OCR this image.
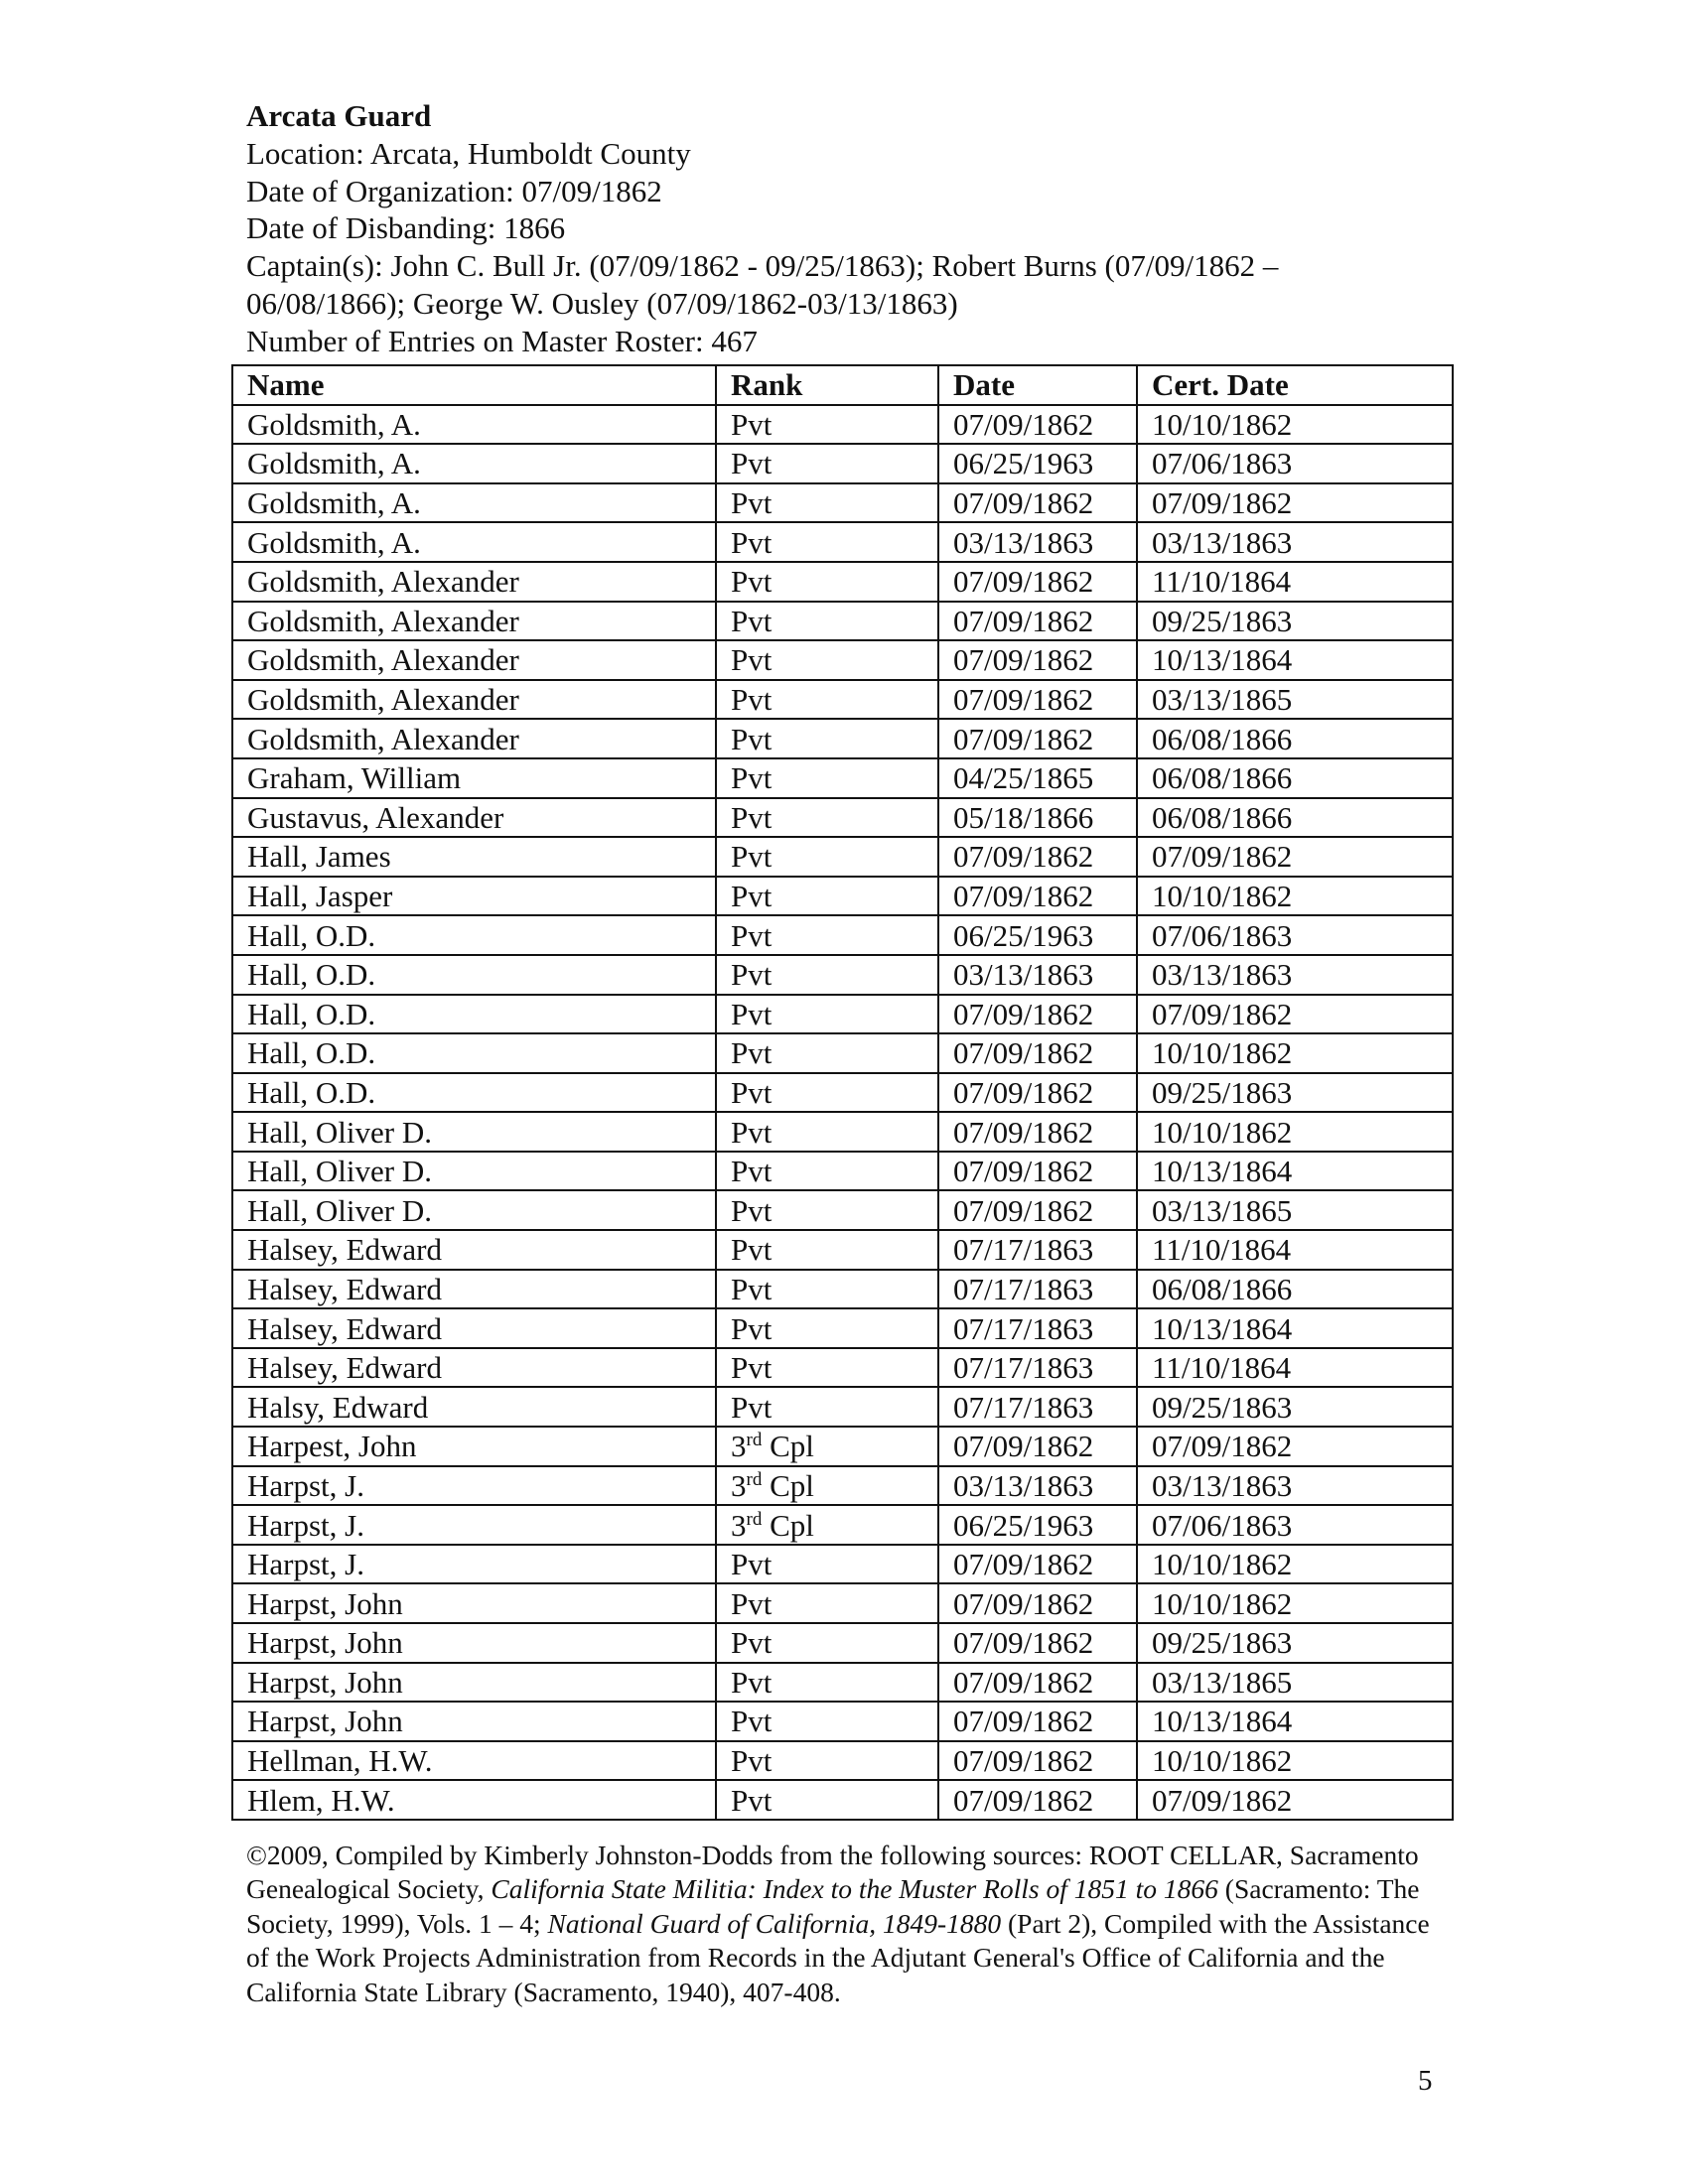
Arcata Guard
Location: Arcata, Humboldt County
Date of Organization: 07/09/1862
Date of Disbanding: 1866
Captain(s): John C. Bull Jr. (07/09/1862 - 09/25/1863); Robert Burns (07/09/1862 –
06/08/1866); George W. Ousley (07/09/1862-03/13/1863)
Number of Entries on Master Roster: 467
Name	Rank	Date	Cert. Date
Goldsmith, A.	Pvt	07/09/1862	10/10/1862
Goldsmith, A.	Pvt	06/25/1963	07/06/1863
Goldsmith, A.	Pvt	07/09/1862	07/09/1862
Goldsmith, A.	Pvt	03/13/1863	03/13/1863
Goldsmith, Alexander	Pvt	07/09/1862	11/10/1864
Goldsmith, Alexander	Pvt	07/09/1862	09/25/1863
Goldsmith, Alexander	Pvt	07/09/1862	10/13/1864
Goldsmith, Alexander	Pvt	07/09/1862	03/13/1865
Goldsmith, Alexander	Pvt	07/09/1862	06/08/1866
Graham, William	Pvt	04/25/1865	06/08/1866
Gustavus, Alexander	Pvt	05/18/1866	06/08/1866
Hall, James	Pvt	07/09/1862	07/09/1862
Hall, Jasper	Pvt	07/09/1862	10/10/1862
Hall, O.D.	Pvt	06/25/1963	07/06/1863
Hall, O.D.	Pvt	03/13/1863	03/13/1863
Hall, O.D.	Pvt	07/09/1862	07/09/1862
Hall, O.D.	Pvt	07/09/1862	10/10/1862
Hall, O.D.	Pvt	07/09/1862	09/25/1863
Hall, Oliver D.	Pvt	07/09/1862	10/10/1862
Hall, Oliver D.	Pvt	07/09/1862	10/13/1864
Hall, Oliver D.	Pvt	07/09/1862	03/13/1865
Halsey, Edward	Pvt	07/17/1863	11/10/1864
Halsey, Edward	Pvt	07/17/1863	06/08/1866
Halsey, Edward	Pvt	07/17/1863	10/13/1864
Halsey, Edward	Pvt	07/17/1863	11/10/1864
Halsy, Edward	Pvt	07/17/1863	09/25/1863
Harpest, John	3rd Cpl	07/09/1862	07/09/1862
Harpst, J.	3rd Cpl	03/13/1863	03/13/1863
Harpst, J.	3rd Cpl	06/25/1963	07/06/1863
Harpst, J.	Pvt	07/09/1862	10/10/1862
Harpst, John	Pvt	07/09/1862	10/10/1862
Harpst, John	Pvt	07/09/1862	09/25/1863
Harpst, John	Pvt	07/09/1862	03/13/1865
Harpst, John	Pvt	07/09/1862	10/13/1864
Hellman, H.W.	Pvt	07/09/1862	10/10/1862
Hlem, H.W.	Pvt	07/09/1862	07/09/1862
©2009, Compiled by Kimberly Johnston-Dodds from the following sources: ROOT CELLAR, Sacramento Genealogical Society, California State Militia: Index to the Muster Rolls of 1851 to 1866 (Sacramento: The Society, 1999), Vols. 1 – 4; National Guard of California, 1849-1880 (Part 2), Compiled with the Assistance of the Work Projects Administration from Records in the Adjutant General's Office of California and the California State Library (Sacramento, 1940), 407-408.
5
